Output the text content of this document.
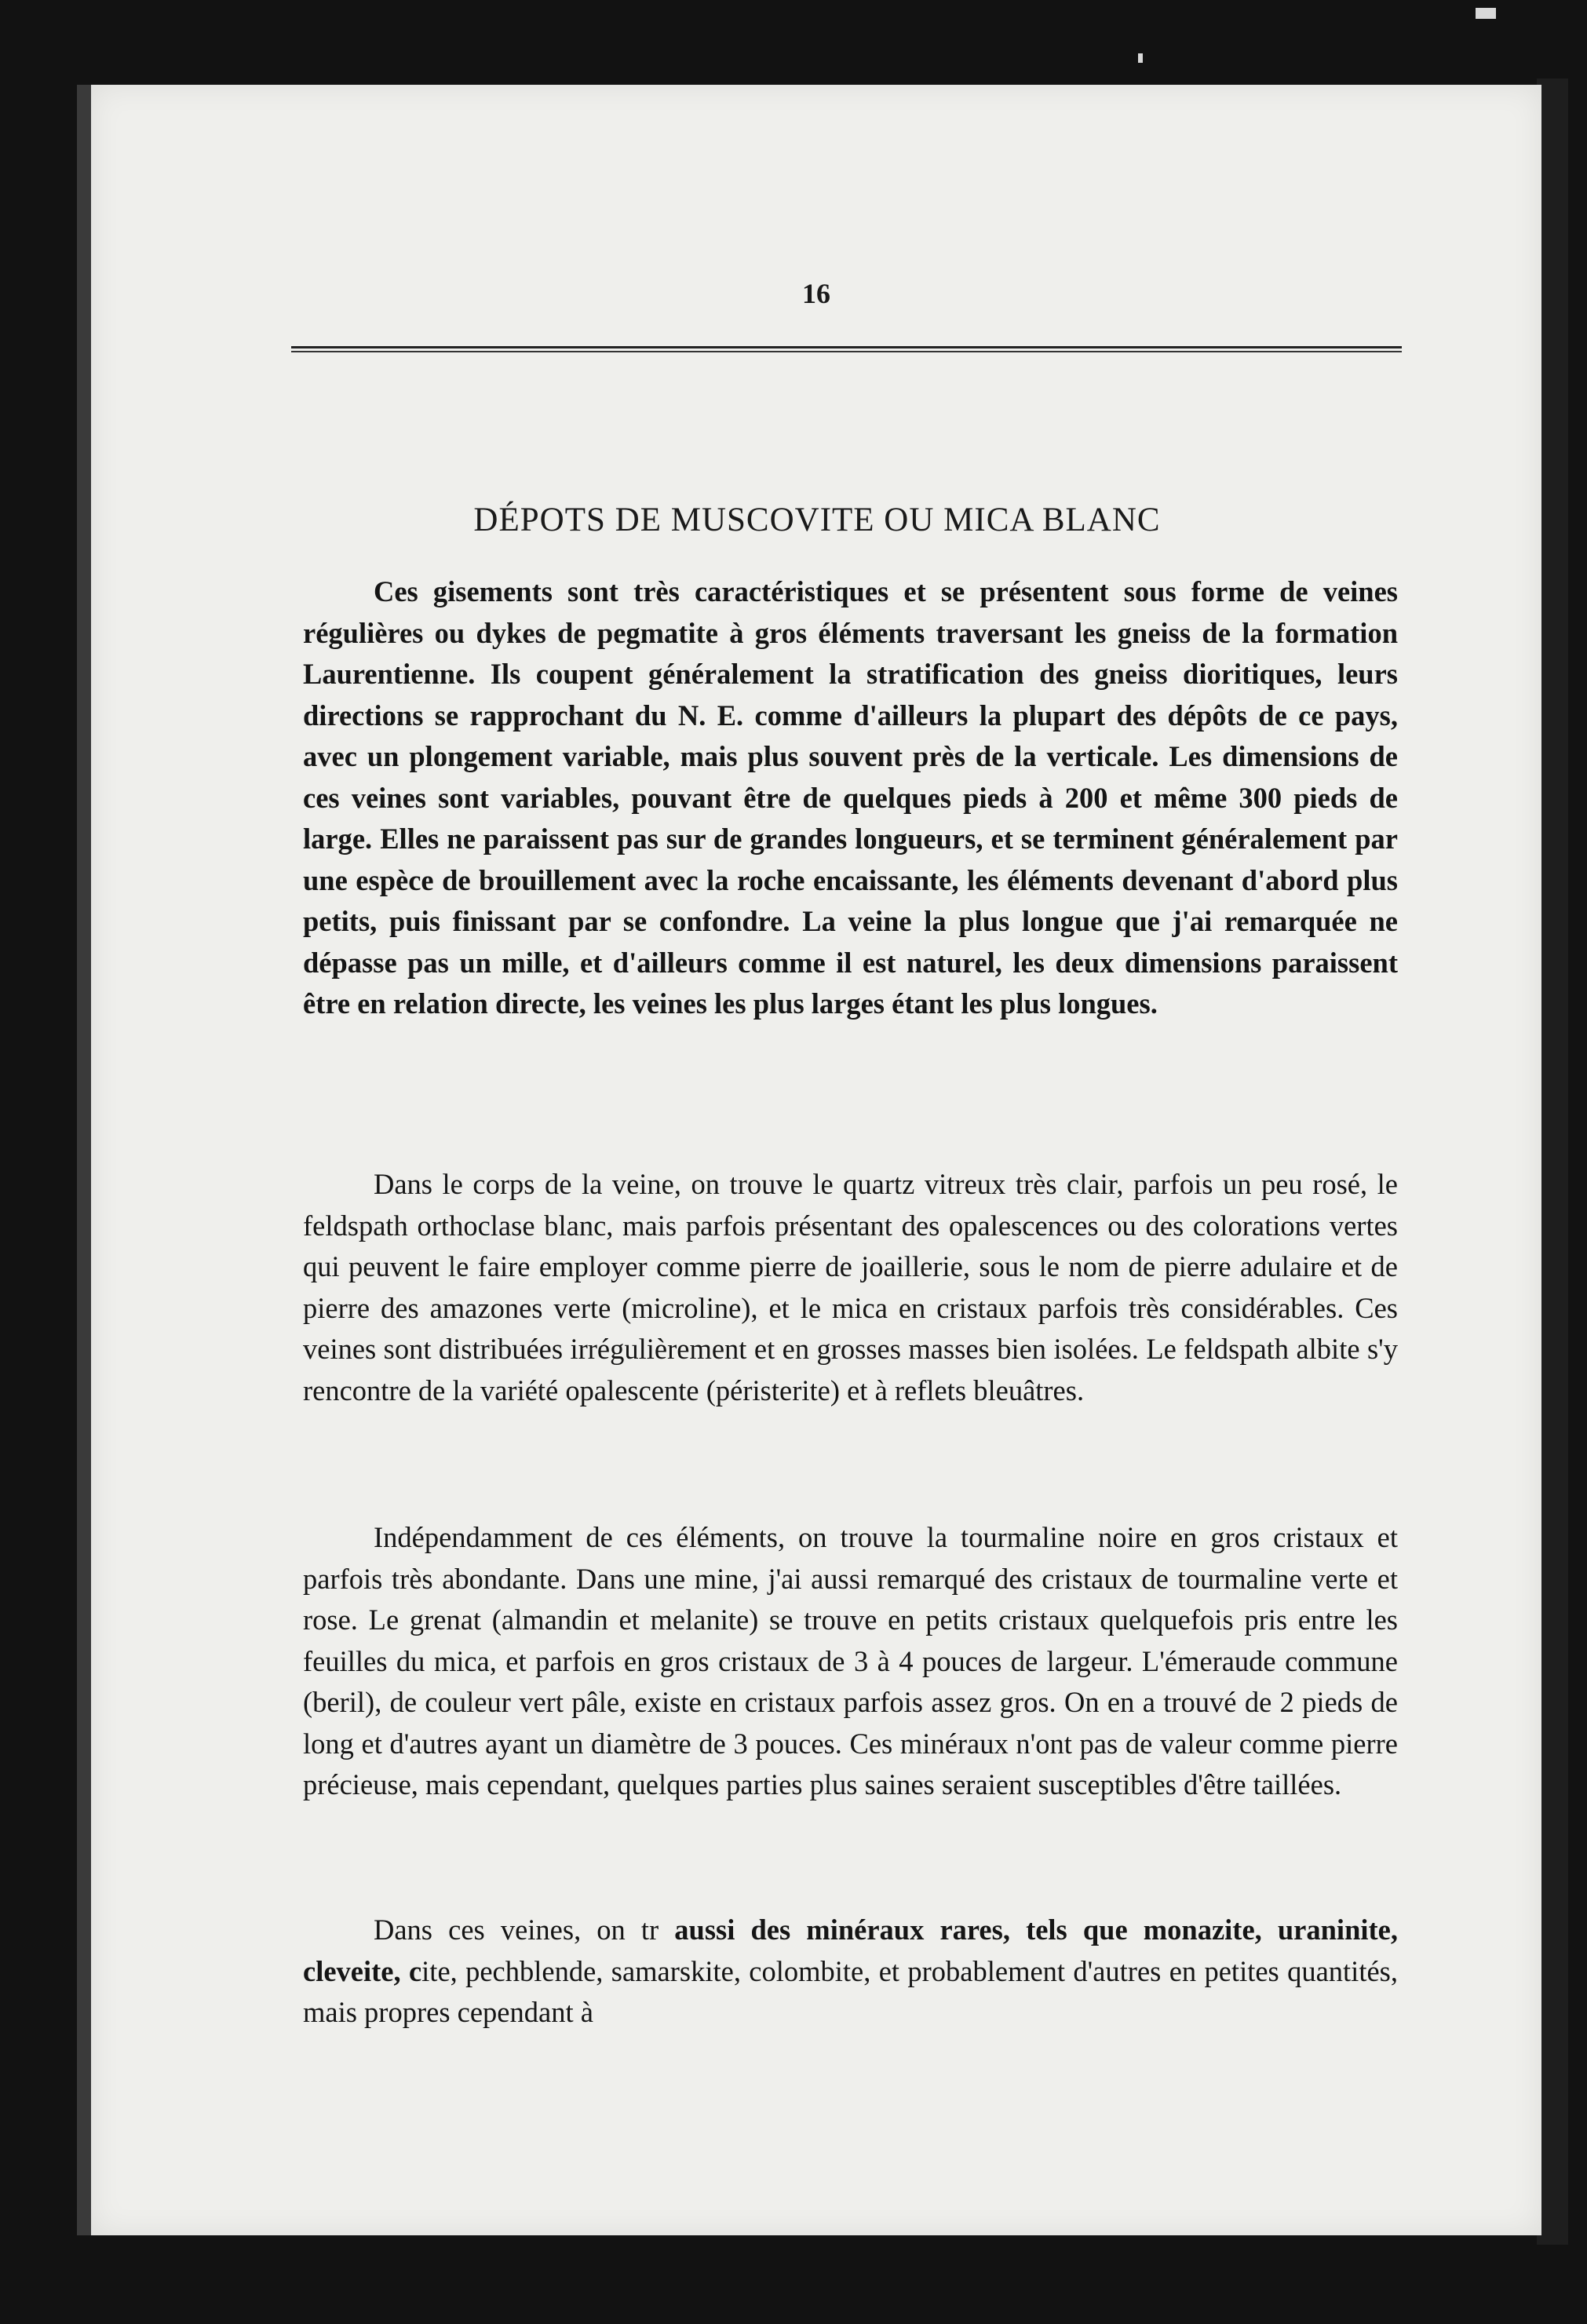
16
DÉPOTS DE MUSCOVITE OU MICA BLANC

Ces gisements sont très caractéristiques et se présentent sous forme de veines régulières ou dykes de pegmatite à gros éléments traversant les gneiss de la formation Laurentienne. Ils coupent généralement la stratification des gneiss dioritiques, leurs directions se rapprochant du N. E. comme d'ailleurs la plupart des dépôts de ce pays, avec un plongement variable, mais plus souvent près de la verticale. Les dimensions de ces veines sont variables, pouvant être de quelques pieds à 200 et même 300 pieds de large. Elles ne paraissent pas sur de grandes longueurs, et se terminent généralement par une espèce de brouillement avec la roche encaissante, les éléments devenant d'abord plus petits, puis finissant par se confondre. La veine la plus longue que j'ai remarquée ne dépasse pas un mille, et d'ailleurs comme il est naturel, les deux dimensions paraissent être en relation directe, les veines les plus larges étant les plus longues.

Dans le corps de la veine, on trouve le quartz vitreux très clair, parfois un peu rosé, le feldspath orthoclase blanc, mais parfois présentant des opalescences ou des colorations vertes qui peuvent le faire employer comme pierre de joaillerie, sous le nom de pierre adulaire et de pierre des amazones verte (microline), et le mica en cristaux parfois très considérables. Ces veines sont distribuées irrégulièrement et en grosses masses bien isolées. Le feldspath albite s'y rencontre de la variété opalescente (péristerite) et à reflets bleuâtres.

Indépendamment de ces éléments, on trouve la tourmaline noire en gros cristaux et parfois très abondante. Dans une mine, j'ai aussi remarqué des cristaux de tourmaline verte et rose. Le grenat (almandin et melanite) se trouve en petits cristaux quelquefois pris entre les feuilles du mica, et parfois en gros cristaux de 3 à 4 pouces de largeur. L'émeraude commune (beril), de couleur vert pâle, existe en cristaux parfois assez gros. On en a trouvé de 2 pieds de long et d'autres ayant un diamètre de 3 pouces. Ces minéraux n'ont pas de valeur comme pierre précieuse, mais cependant, quelques parties plus saines seraient susceptibles d'être taillées.

Dans ces veines, on tr aussi des minéraux rares, tels que monazite, uraninite, cleveite, cite, pechblende, samarskite, colombite, et probablement d'autres en petites quantités, mais propres cependant à
